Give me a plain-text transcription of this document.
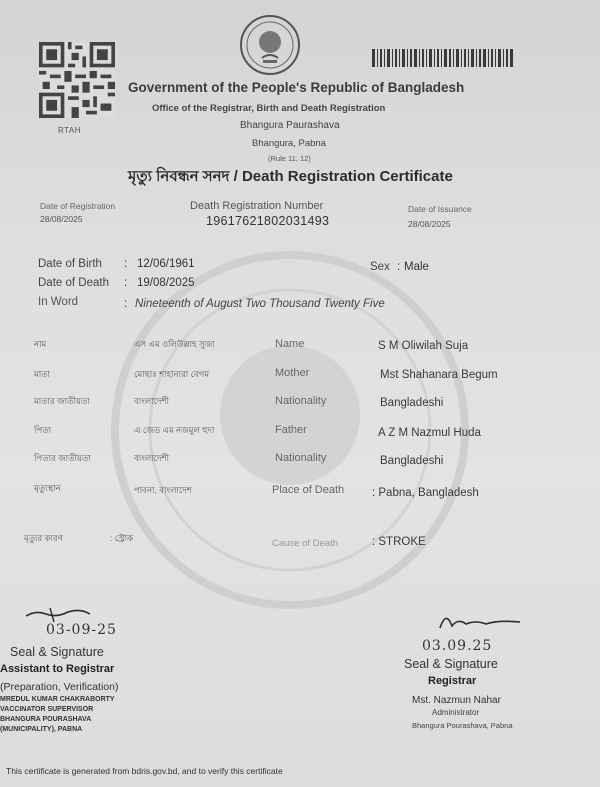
RTAH
Government of the People's Republic of Bangladesh
Office of the Registrar, Birth and Death Registration
Bhangura Paurashava
Bhangura, Pabna
(Rule 11, 12)
মৃত্যু নিবন্ধন সনদ / Death Registration Certificate
Date of Registration
28/08/2025
Death Registration Number
19617621802031493
Date of Issuance
28/08/2025
Date of Birth : 12/06/1961	Sex : Male
Date of Death : 19/08/2025
In Word	: Nineteenth of August Two Thousand Twenty Five
নাম	এস এম ওলিউল্লাহ সুজা	Name	S M Oliwilah Suja
মাতা	মোছাঃ শাহানারা বেগম	Mother	Mst Shahanara Begum
মাতার জাতীয়তা	বাংলাদেশী	Nationality	Bangladeshi
পিতা	এ জেড এম নজমুল হুদা	Father	A Z M Nazmul Huda
পিতার জাতীয়তা	বাংলাদেশী	Nationality	Bangladeshi
মৃত্যুস্থান	পাবনা, বাংলাদেশ	Place of Death : Pabna, Bangladesh
মৃত্যুর কারণ	: স্ট্রোক	Cause of Death	: STROKE
03-09-25
Seal & Signature
Assistant to Registrar
(Preparation, Verification)
MREDUL KUMAR CHAKRABORTY
VACCINATOR SUPERVISOR
BHANGURA POURASHAVA
(MUNICIPALITY), PABNA
03.09.25
Seal & Signature
Registrar
Mst. Nazmun Nahar
Administrator
Bhangura Pourashava, Pabna
This certificate is generated from bdris.gov.bd, and to verify this certificate
